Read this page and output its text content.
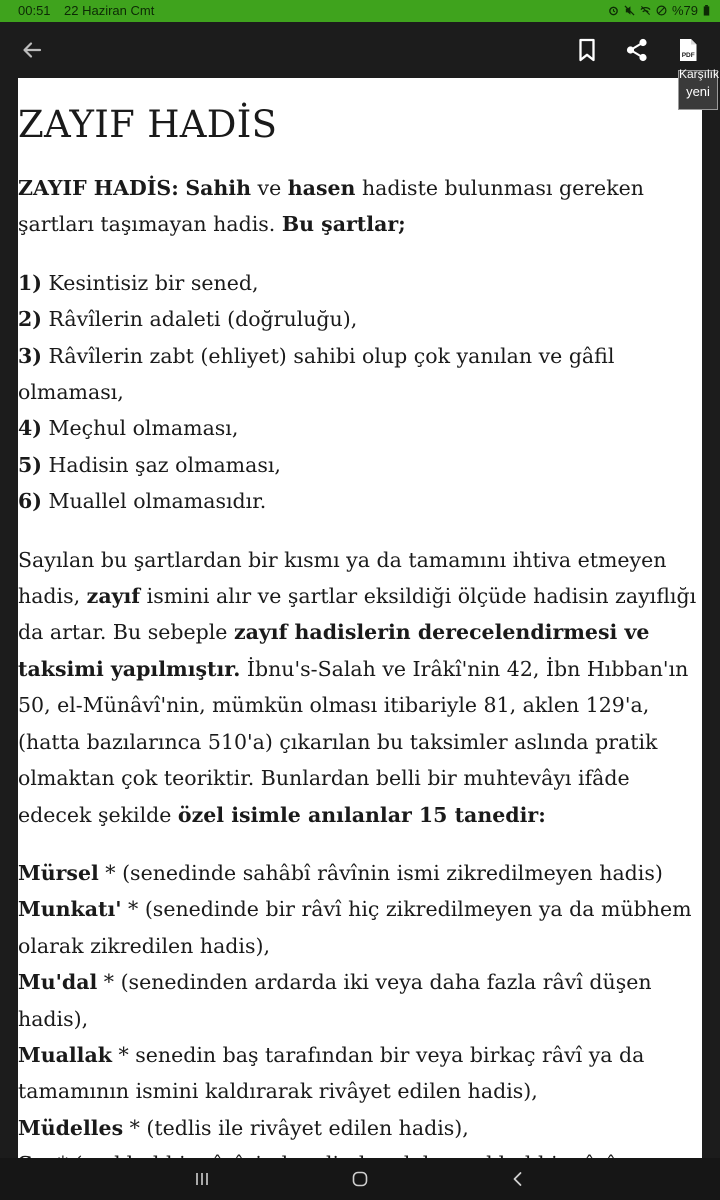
00:51 22 Haziran Cmt	%79
PDF
ZAYIF HADİS

ZAYIF HADİS: Sahih ve hasen hadiste bulunması gereken şartları taşımayan hadis. Bu şartlar;

1) Kesintisiz bir sened,

2) Râvîlerin adaleti (doğruluğu),

3) Râvîlerin zabt (ehliyet) sahibi olup çok yanılan ve gâfil olmaması,

4) Meçhul olmaması,

5) Hadisin şaz olmaması,

6) Muallel olmamasıdır.

Sayılan bu şartlardan bir kısmı ya da tamamını ihtiva etmeyen hadis, zayıf ismini alır ve şartlar eksildiği ölçüde hadisin zayıflığı da artar. Bu sebeple zayıf hadislerin derecelendirmesi ve taksimi yapılmıştır. İbnu's-Salah ve Irâkî'nin 42, İbn Hıbban'ın 50, el-Münâvî'nin, mümkün olması itibariyle 81, aklen 129'a, (hatta bazılarınca 510'a) çıkarılan bu taksimler aslında pratik olmaktan çok teoriktir. Bunlardan belli bir muhtevâyı ifâde edecek şekilde özel isimle anılanlar 15 tanedir:

Mürsel * (senedinde sahâbî râvînin ismi zikredilmeyen hadis)

Munkatı' * (senedinde bir râvî hiç zikredilmeyen ya da mübhem olarak zikredilen hadis),

Mu'dal * (senedinden ardarda iki veya daha fazla râvî düşen hadis),

Muallak * senedin baş tarafından bir veya birkaç râvî ya da tamamının ismini kaldırarak rivâyet edilen hadis),

Müdelles * (tedlis ile rivâyet edilen hadis),

Karşılık
yeni
